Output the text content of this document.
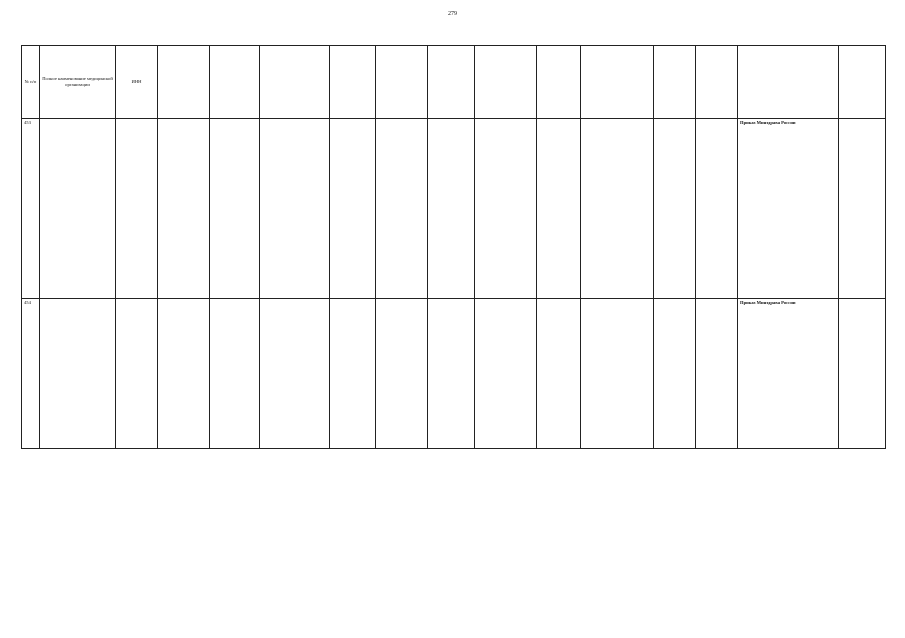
279
№ п/п	Полное наименование медицинской организации	ИНН													
453														Приказ Минздрава России	
454														Приказ Минздрава России	
